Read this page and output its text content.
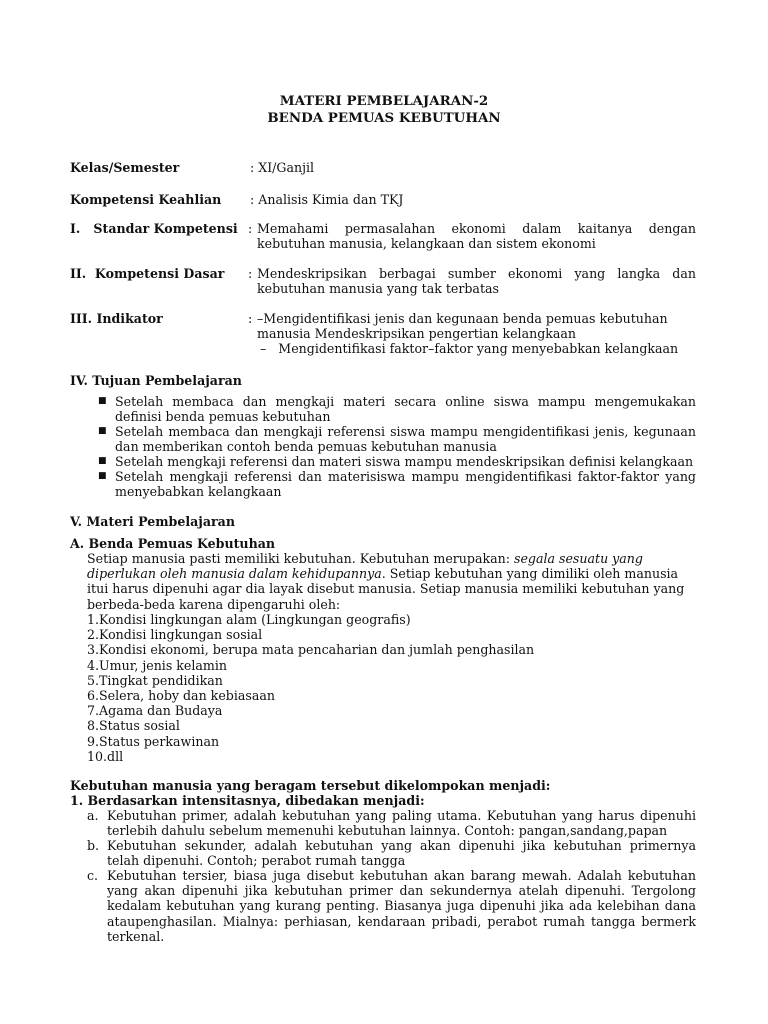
MATERI PEMBELAJARAN-2
BENDA PEMUAS KEBUTUHAN
Kelas/Semester	: XI/Ganjil
Kompetensi Keahlian : Analisis Kimia dan TKJ
I.   Standar Kompetensi : Memahami permasalahan ekonomi dalam kaitanya dengan
kebutuhan manusia, kelangkaan dan sistem ekonomi
II.  Kompetensi Dasar : Mendeskripsikan berbagai sumber ekonomi yang langka dan
kebutuhan manusia yang tak terbatas
III. Indikator	: –Mengidentifikasi jenis dan kegunaan benda pemuas kebutuhan
manusia Mendeskripsikan pengertian kelangkaan
–   Mengidentifikasi faktor–faktor yang menyebabkan kelangkaan
IV. Tujuan Pembelajaran
■ Setelah membaca dan mengkaji materi secara online siswa mampu mengemukakan
definisi benda pemuas kebutuhan
■ Setelah membaca dan mengkaji referensi siswa mampu mengidentifikasi jenis, kegunaan
dan memberikan contoh benda pemuas kebutuhan manusia
■ Setelah mengkaji referensi dan materi siswa mampu mendeskripsikan definisi kelangkaan
■ Setelah mengkaji referensi dan materisiswa mampu mengidentifikasi faktor-faktor yang
menyebabkan kelangkaan
V. Materi Pembelajaran
A. Benda Pemuas Kebutuhan
Setiap manusia pasti memiliki kebutuhan. Kebutuhan merupakan: segala sesuatu yang
diperlukan oleh manusia dalam kehidupannya. Setiap kebutuhan yang dimiliki oleh manusia
itui harus dipenuhi agar dia layak disebut manusia. Setiap manusia memiliki kebutuhan yang
berbeda-beda karena dipengaruhi oleh:
1.Kondisi lingkungan alam (Lingkungan geografis)
2.Kondisi lingkungan sosial
3.Kondisi ekonomi, berupa mata pencaharian dan jumlah penghasilan
4.Umur, jenis kelamin
5.Tingkat pendidikan
6.Selera, hoby dan kebiasaan
7.Agama dan Budaya
8.Status sosial
9.Status perkawinan
10.dll
Kebutuhan manusia yang beragam tersebut dikelompokan menjadi:
1. Berdasarkan intensitasnya, dibedakan menjadi:
a. Kebutuhan primer, adalah kebutuhan yang paling utama. Kebutuhan yang harus dipenuhi
terlebih dahulu sebelum memenuhi kebutuhan lainnya. Contoh: pangan,sandang,papan
b. Kebutuhan sekunder, adalah kebutuhan yang akan dipenuhi jika kebutuhan primernya
telah dipenuhi. Contoh; perabot rumah tangga
c. Kebutuhan tersier, biasa juga disebut kebutuhan akan barang mewah. Adalah kebutuhan
yang akan dipenuhi jika kebutuhan primer dan sekundernya atelah dipenuhi. Tergolong
kedalam kebutuhan yang kurang penting. Biasanya juga dipenuhi jika ada kelebihan dana
ataupenghasilan. Mialnya: perhiasan, kendaraan pribadi, perabot rumah tangga bermerk
terkenal.
